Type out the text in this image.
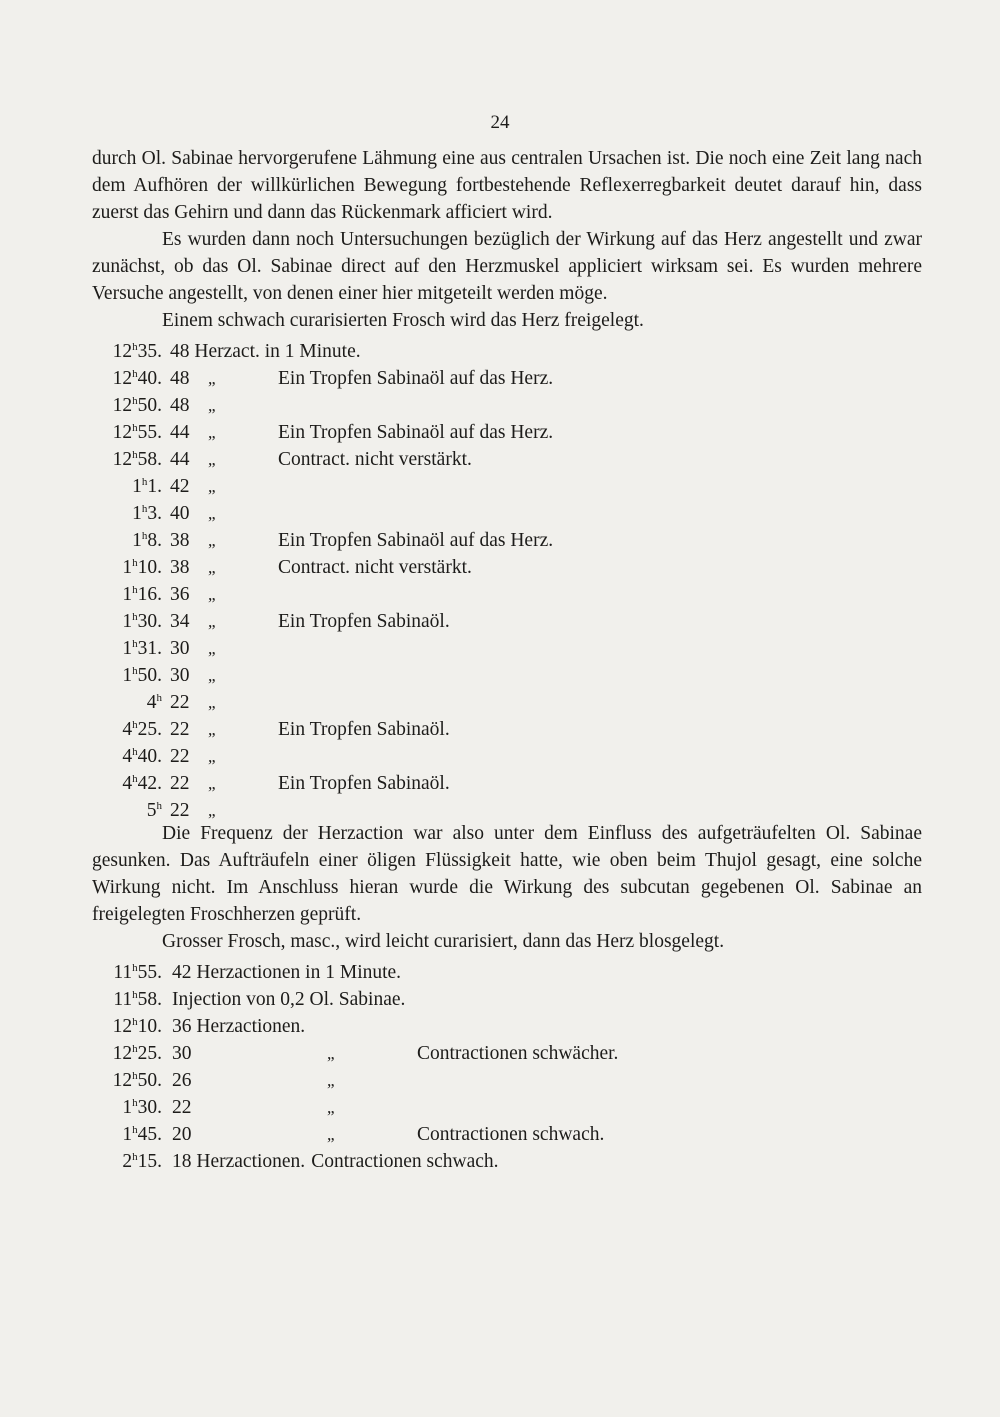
24

durch Ol. Sabinae hervorgerufene Lähmung eine aus centralen Ursachen ist. Die noch eine Zeit lang nach dem Aufhören der willkürlichen Bewegung fortbestehende Reflexerregbarkeit deutet darauf hin, dass zuerst das Gehirn und dann das Rückenmark afficiert wird.

Es wurden dann noch Untersuchungen bezüglich der Wirkung auf das Herz angestellt und zwar zunächst, ob das Ol. Sabinae direct auf den Herzmuskel appliciert wirksam sei. Es wurden mehrere Versuche angestellt, von denen einer hier mitgeteilt werden möge.

Einem schwach curarisierten Frosch wird das Herz freigelegt.

12$^h$35. 48 Herzact. in 1 Minute.
12$^h$40. 48	„	Ein Tropfen Sabinaöl auf das Herz.
12$^h$50. 48	„
12$^h$55. 44	„	Ein Tropfen Sabinaöl auf das Herz.
12$^h$58. 44	„	Contract. nicht verstärkt.
1$^h$1. 42	„
1$^h$3. 40	„
1$^h$8. 38	„	Ein Tropfen Sabinaöl auf das Herz.
1$^h$10. 38	„	Contract. nicht verstärkt.
1$^h$16. 36	„
1$^h$30. 34	„	Ein Tropfen Sabinaöl.
1$^h$31. 30	„
1$^h$50. 30	„
4$^h$ 22	„
4$^h$25. 22	„	Ein Tropfen Sabinaöl.
4$^h$40. 22	„
4$^h$42. 22	„	Ein Tropfen Sabinaöl.
5$^h$ 22	„

Die Frequenz der Herzaction war also unter dem Einfluss des aufgeträufelten Ol. Sabinae gesunken. Das Aufträufeln einer öligen Flüssigkeit hatte, wie oben beim Thujol gesagt, eine solche Wirkung nicht. Im Anschluss hieran wurde die Wirkung des subcutan gegebenen Ol. Sabinae an freigelegten Froschherzen geprüft.

Grosser Frosch, masc., wird leicht curarisiert, dann das Herz blosgelegt.

11$^h$55. 42 Herzactionen in 1 Minute.
11$^h$58. Injection von 0,2 Ol. Sabinae.
12$^h$10. 36 Herzactionen.
12$^h$25. 30	„	Contractionen schwächer.
12$^h$50. 26	„
1$^h$30. 22	„
1$^h$45. 20	„	Contractionen schwach.
2$^h$15. 18 Herzactionen. Contractionen schwach.
